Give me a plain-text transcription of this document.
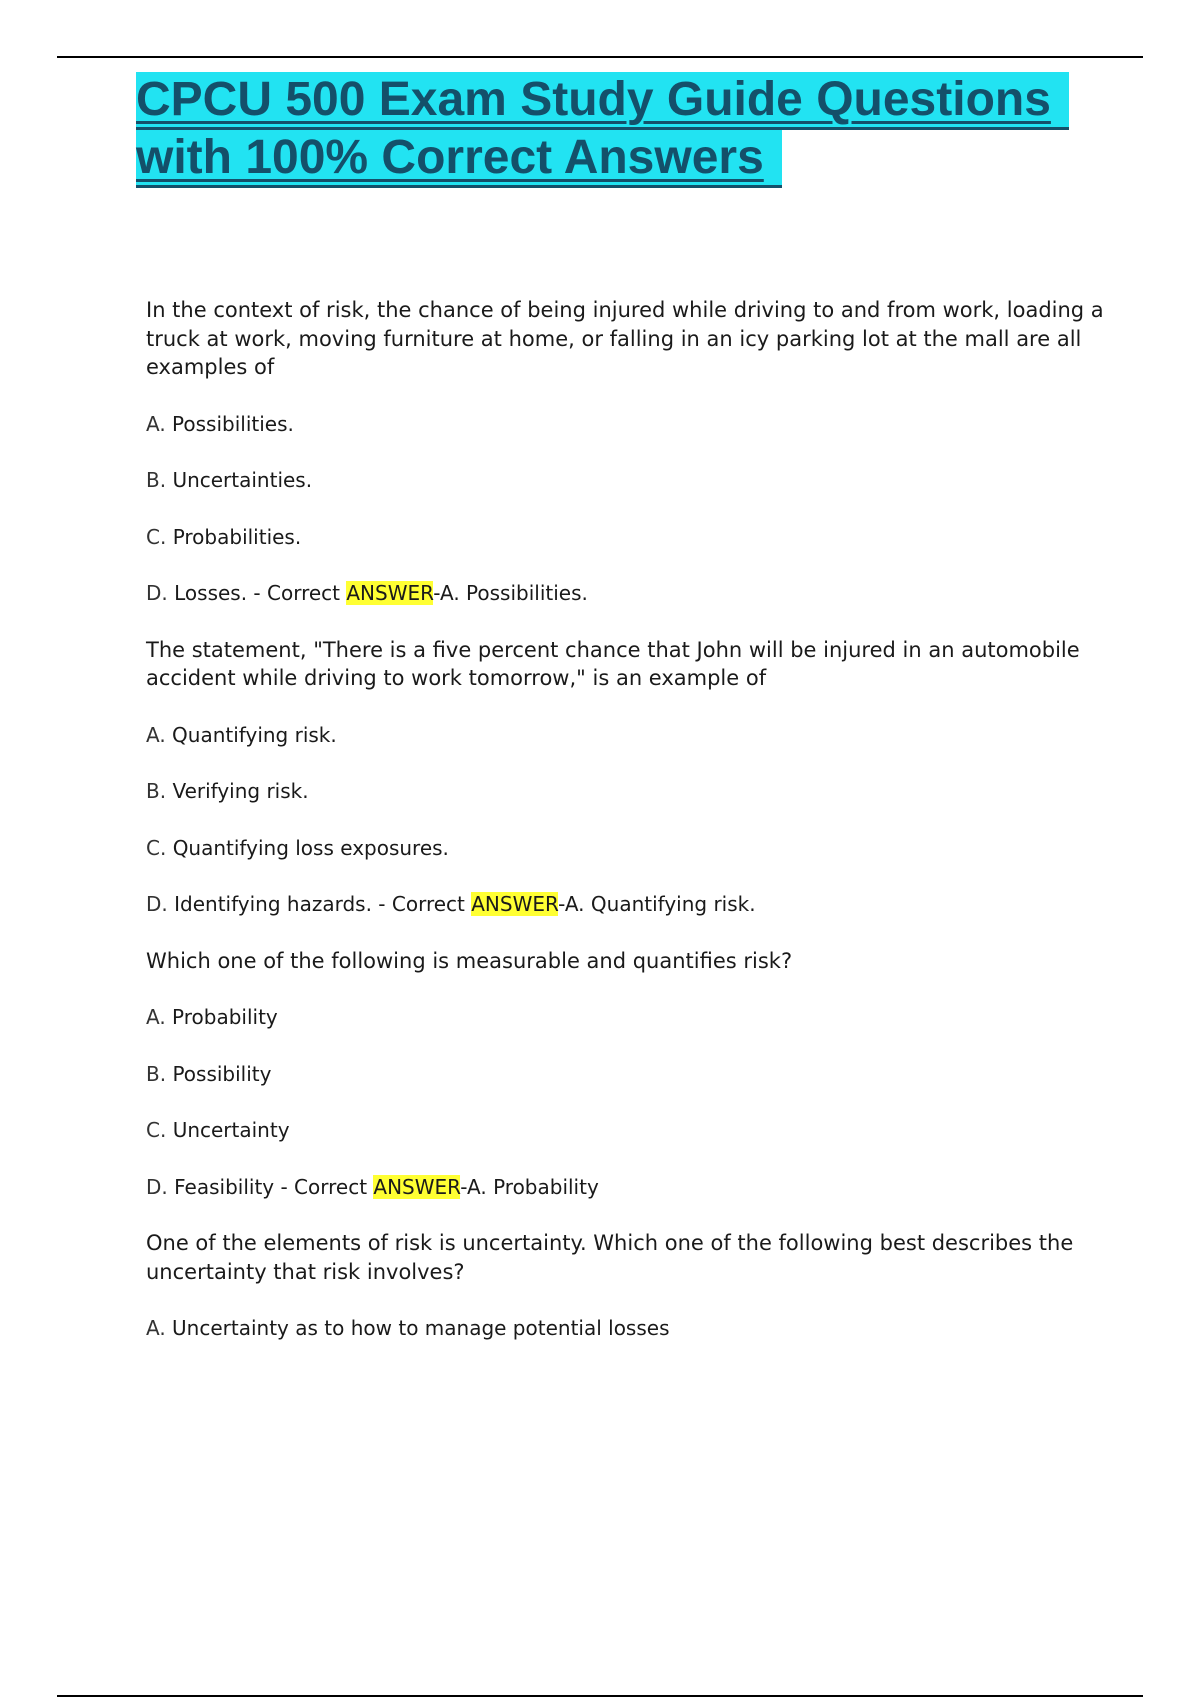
CPCU 500 Exam Study Guide Questions
with 100% Correct Answers

In the context of risk, the chance of being injured while driving to and from work, loading a truck at work, moving furniture at home, or falling in an icy parking lot at the mall are all examples of

A. Possibilities.

B. Uncertainties.

C. Probabilities.

D. Losses. - Correct ANSWER-A. Possibilities.

The statement, "There is a five percent chance that John will be injured in an automobile accident while driving to work tomorrow," is an example of

A. Quantifying risk.

B. Verifying risk.

C. Quantifying loss exposures.

D. Identifying hazards. - Correct ANSWER-A. Quantifying risk.

Which one of the following is measurable and quantifies risk?

A. Probability

B. Possibility

C. Uncertainty

D. Feasibility - Correct ANSWER-A. Probability

One of the elements of risk is uncertainty. Which one of the following best describes the uncertainty that risk involves?

A. Uncertainty as to how to manage potential losses
